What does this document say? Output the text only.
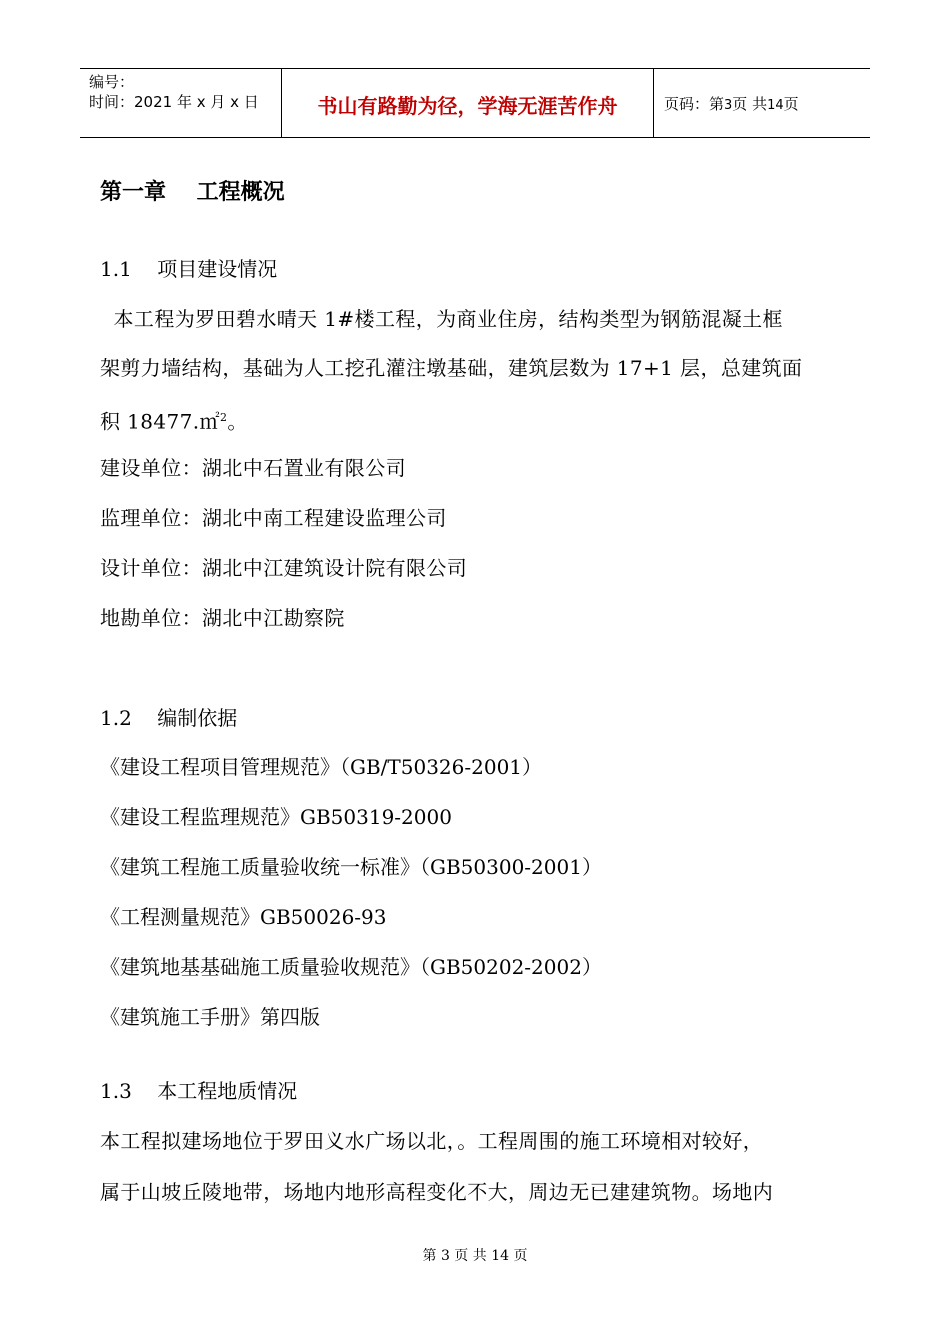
编号：
时间：2021 年 x 月 x 日	书山有路勤为径，学海无涯苦作舟	页码：第3页 共14页
第一章    工程概况
1.1    项目建设情况
本工程为罗田碧水晴天 1#楼工程，为商业住房，结构类型为钢筋混凝土框
架剪力墙结构，基础为人工挖孔灌注墩基础，建筑层数为 17+1 层，总建筑面
积 18477.㎡$^2$。
建设单位：湖北中石置业有限公司
监理单位：湖北中南工程建设监理公司
设计单位：湖北中江建筑设计院有限公司
地勘单位：湖北中江勘察院
1.2    编制依据
《建设工程项目管理规范》（GB/T50326-2001）
《建设工程监理规范》GB50319-2000
《建筑工程施工质量验收统一标准》（GB50300-2001）
《工程测量规范》GB50026-93
《建筑地基基础施工质量验收规范》（GB50202-2002）
《建筑施工手册》第四版
1.3    本工程地质情况
本工程拟建场地位于罗田义水广场以北，。工程周围的施工环境相对较好，
属于山坡丘陵地带，场地内地形高程变化不大，周边无已建建筑物。场地内
第 3 页 共 14 页
